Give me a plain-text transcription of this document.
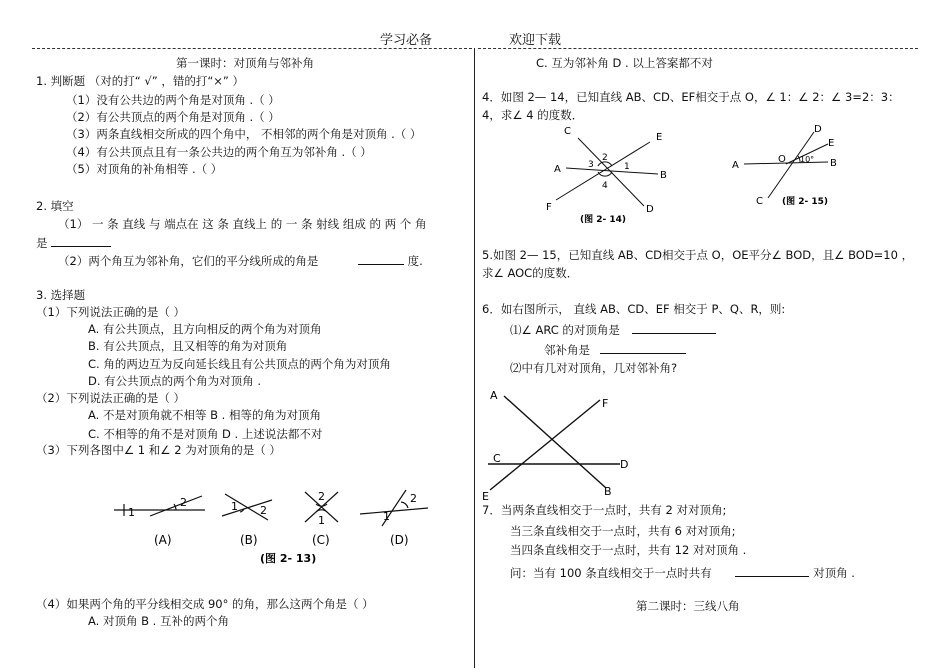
学习必备	欢迎下载
第一课时：对顶角与邻补角
1. 判断题 （对的打“ √” ，错的打“×” ）
（1）没有公共边的两个角是对顶角 .（ ）
（2）有公共顶点的两个角是对顶角 .（ ）
（3）两条直线相交所成的四个角中， 不相邻的两个角是对顶角 .（ ）
（4）有公共顶点且有一条公共边的两个角互为邻补角 .（ ）
（5）对顶角的补角相等 .（ ）
2. 填空
（1） 一 条 直线 与 端点在 这 条 直线上 的 一 条 射线 组成 的 两 个 角
是
（2）两个角互为邻补角，它们的平分线所成的角是	度.
3. 选择题
（1）下列说法正确的是（ ）
A. 有公共顶点，且方向相反的两个角为对顶角
B. 有公共顶点，且又相等的角为对顶角
C. 角的两边互为反向延长线且有公共顶点的两个角为对顶角
D. 有公共顶点的两个角为对顶角 .
（2）下列说法正确的是（ ）
A. 不是对顶角就不相等 B . 相等的角为对顶角
C. 不相等的角不是对顶角 D . 上述说法都不对
（3）下列各图中∠ 1 和∠ 2 为对顶角的是（ ）
1
2	1 2
2
1	1
2
(A)	(B)	(C)	(D)
(图 2- 13)
（4）如果两个角的平分线相交成 90° 的角，那么这两个角是（ ）
A. 对顶角 B . 互补的两个角
C. 互为邻补角 D . 以上答案都不对
4．如图 2— 14，已知直线 AB、CD、EF相交于点 O，∠ 1：∠ 2：∠ 3=2：3：
4，求∠ 4 的度数．
C
E
A
B
F	D
3
2
1
4
(图 2- 14)
D
E
A
O 10° B
C (图 2- 15)
5.如图 2— 15，已知直线 AB、CD相交于点 O，OE平分∠ BOD，且∠ BOD=10 ，
求∠ AOC的度数．
6．如右图所示， 直线 AB、CD、EF 相交于 P、Q、R，则:
⑴∠ ARC 的对顶角是
邻补角是
⑵中有几对对顶角，几对邻补角?
A
F
C	D
B
E
7．当两条直线相交于一点时，共有 2 对对顶角;
当三条直线相交于一点时，共有 6 对对顶角;
当四条直线相交于一点时，共有 12 对对顶角 .
问：当有 100 条直线相交于一点时共有	对顶角 .
第二课时：三线八角
